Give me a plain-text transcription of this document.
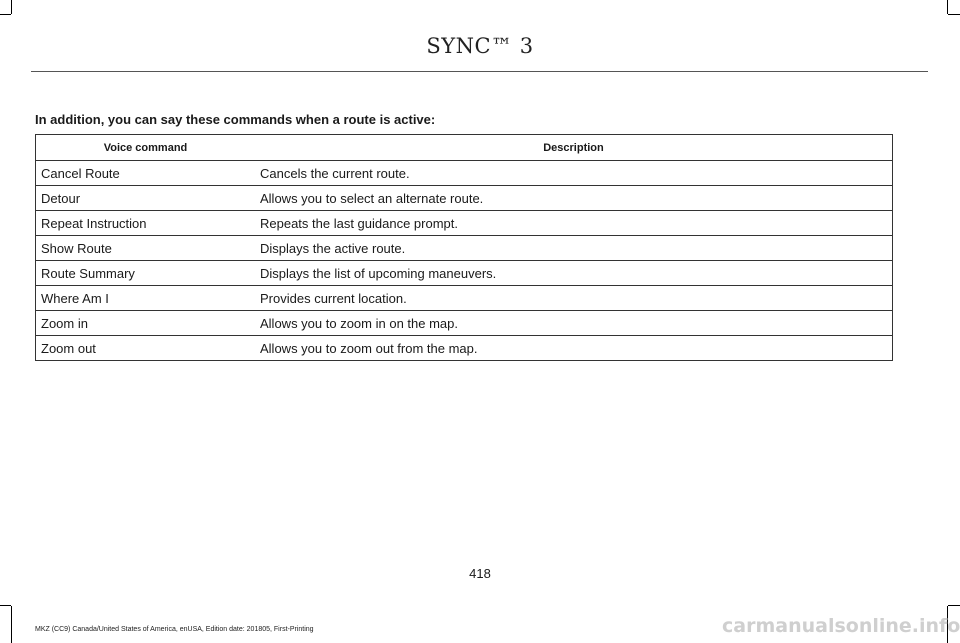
SYNC™ 3
In addition, you can say these commands when a route is active:
Voice command	Description
Cancel Route	Cancels the current route.
Detour	Allows you to select an alternate route.
Repeat Instruction	Repeats the last guidance prompt.
Show Route	Displays the active route.
Route Summary	Displays the list of upcoming maneuvers.
Where Am I	Provides current location.
Zoom in	Allows you to zoom in on the map.
Zoom out	Allows you to zoom out from the map.
418
MKZ (CC9) Canada/United States of America, enUSA, Edition date: 201805, First-Printing	carmanualsonline.info
